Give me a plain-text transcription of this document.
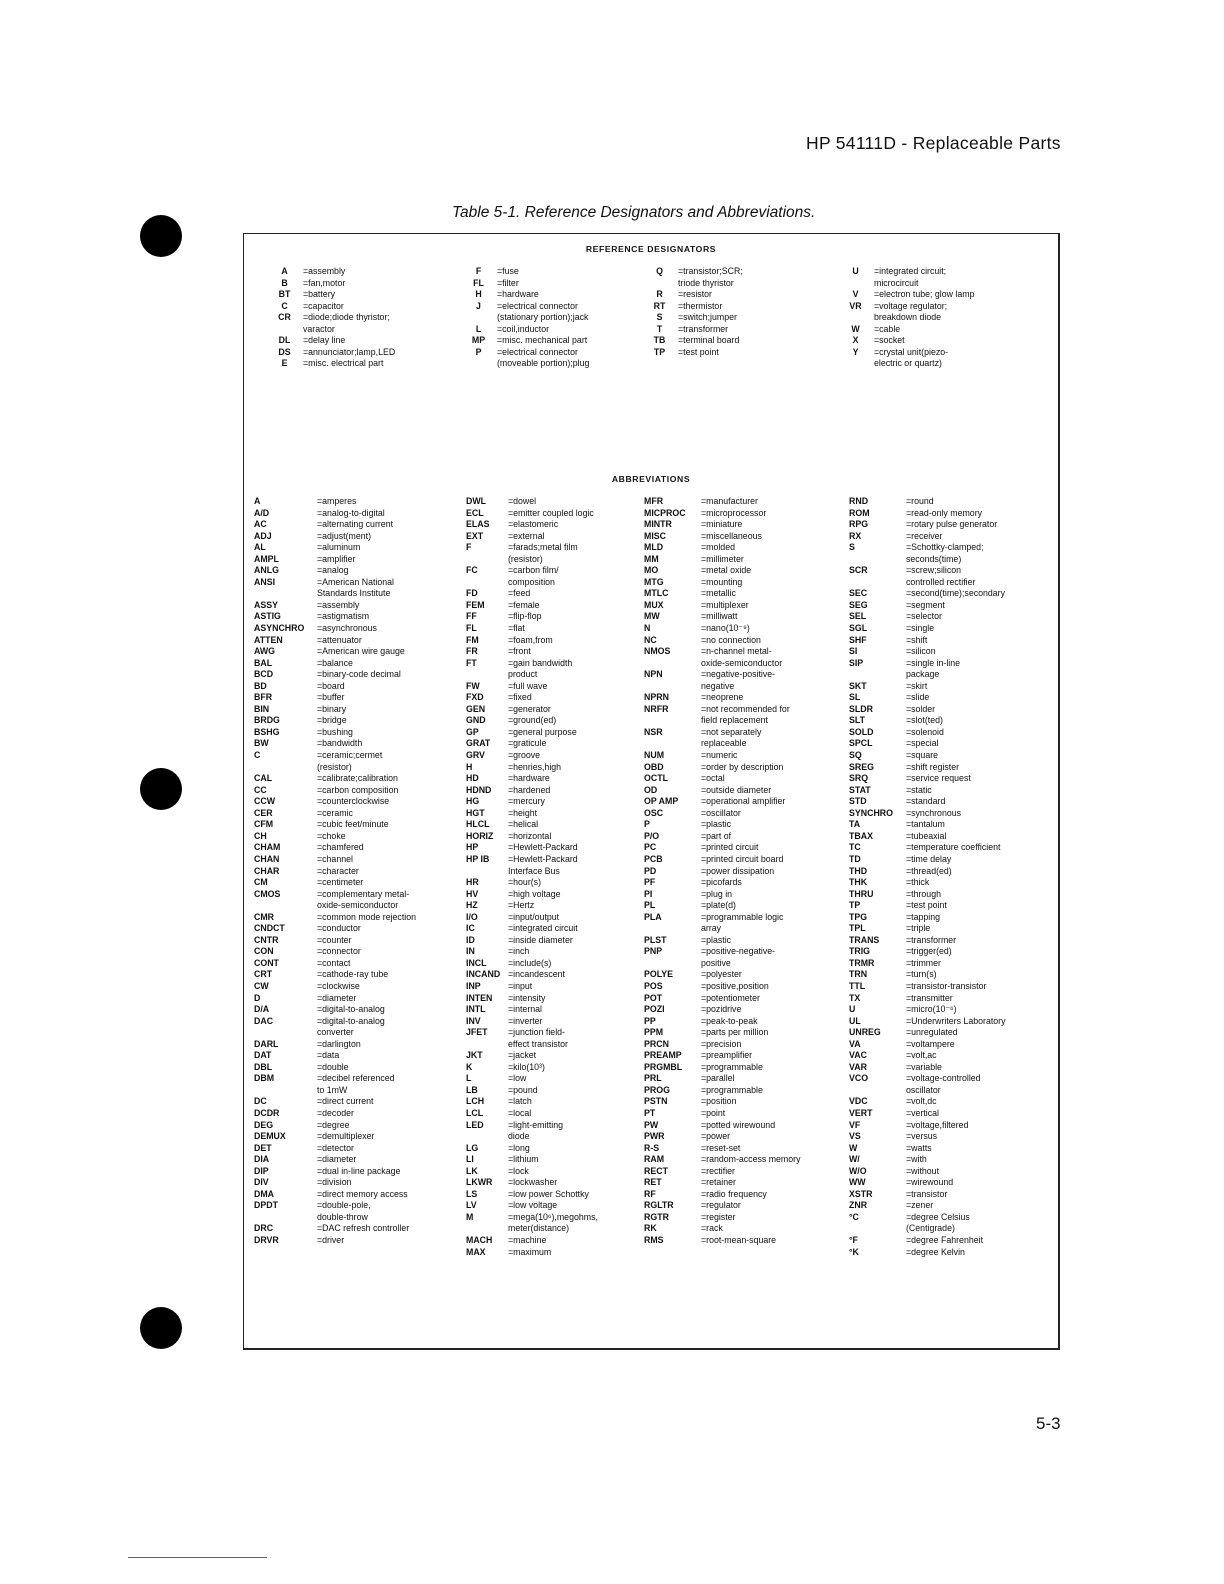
HP 54111D - Replaceable Parts
Table 5-1. Reference Designators and Abbreviations.
REFERENCE DESIGNATORS
A	=assembly
B	=fan,motor
BT	=battery
C	=capacitor
CR	=diode;diode thyristor;
varactor
DL	=delay line
DS	=annunciator;lamp,LED
E	=misc. electrical part
F	=fuse
FL	=filter
H	=hardware
J	=electrical connector
(stationary portion);jack
L	=coil,inductor
MP	=misc. mechanical part
P	=electrical connector
(moveable portion);plug
Q	=transistor;SCR;
triode thyristor
R	=resistor
RT	=thermistor
S	=switch;jumper
T	=transformer
TB	=terminal board
TP	=test point
U	=integrated circuit;
microcircuit
V	=electron tube; glow lamp
VR	=voltage regulator;
breakdown diode
W	=cable
X	=socket
Y	=crystal unit(piezo-
electric or quartz)
ABBREVIATIONS
A	=amperes
A/D	=analog-to-digital
AC	=alternating current
ADJ	=adjust(ment)
AL	=aluminum
AMPL	=amplifier
ANLG	=analog
ANSI	=American National
Standards Institute
ASSY	=assembly
ASTIG	=astigmatism
ASYNCHRO	=asynchronous
ATTEN	=attenuator
AWG	=American wire gauge
BAL	=balance
BCD	=binary-code decimal
BD	=board
BFR	=buffer
BIN	=binary
BRDG	=bridge
BSHG	=bushing
BW	=bandwidth
C	=ceramic;cermet
(resistor)
CAL	=calibrate;calibration
CC	=carbon composition
CCW	=counterclockwise
CER	=ceramic
CFM	=cubic feet/minute
CH	=choke
CHAM	=chamfered
CHAN	=channel
CHAR	=character
CM	=centimeter
CMOS	=complementary metal-
oxide-semiconductor
CMR	=common mode rejection
CNDCT	=conductor
CNTR	=counter
CON	=connector
CONT	=contact
CRT	=cathode-ray tube
CW	=clockwise
D	=diameter
D/A	=digital-to-analog
DAC	=digital-to-analog
converter
DARL	=darlington
DAT	=data
DBL	=double
DBM	=decibel referenced
to 1mW
DC	=direct current
DCDR	=decoder
DEG	=degree
DEMUX	=demultiplexer
DET	=detector
DIA	=diameter
DIP	=dual in-line package
DIV	=division
DMA	=direct memory access
DPDT	=double-pole,
double-throw
DRC	=DAC refresh controller
DRVR	=driver
DWL	=dowel
ECL	=emitter coupled logic
ELAS	=elastomeric
EXT	=external
F	=farads;metal film
(resistor)
FC	=carbon film/
composition
FD	=feed
FEM	=female
FF	=flip-flop
FL	=flat
FM	=foam,from
FR	=front
FT	=gain bandwidth
product
FW	=full wave
FXD	=fixed
GEN	=generator
GND	=ground(ed)
GP	=general purpose
GRAT	=graticule
GRV	=groove
H	=henries,high
HD	=hardware
HDND	=hardened
HG	=mercury
HGT	=height
HLCL	=helical
HORIZ	=horizontal
HP	=Hewlett-Packard
HP IB	=Hewlett-Packard
Interface Bus
HR	=hour(s)
HV	=high voltage
HZ	=Hertz
I/O	=input/output
IC	=integrated circuit
ID	=inside diameter
IN	=inch
INCL	=include(s)
INCAND =incandescent
INP	=input
INTEN	=intensity
INTL	=internal
INV	=inverter
JFET	=junction field-
effect transistor
JKT	=jacket
K	=kilo(10³)
L	=low
LB	=pound
LCH	=latch
LCL	=local
LED	=light-emitting
diode
LG	=long
LI	=lithium
LK	=lock
LKWR	=lockwasher
LS	=low power Schottky
LV	=low voltage
M	=mega(10⁶),megohms,
meter(distance)
MACH	=machine
MAX	=maximum
MFR	=manufacturer
MICPROC	=microprocessor
MINTR	=miniature
MISC	=miscellaneous
MLD	=molded
MM	=millimeter
MO	=metal oxide
MTG	=mounting
MTLC	=metallic
MUX	=multiplexer
MW	=milliwatt
N	=nano(10⁻⁹)
NC	=no connection
NMOS	=n-channel metal-
oxide-semiconductor
NPN	=negative-positive-
negative
NPRN	=neoprene
NRFR	=not recommended for
field replacement
NSR	=not separately
replaceable
NUM	=numeric
OBD	=order by description
OCTL	=octal
OD	=outside diameter
OP AMP	=operational amplifier
OSC	=oscillator
P	=plastic
P/O	=part of
PC	=printed circuit
PCB	=printed circuit board
PD	=power dissipation
PF	=picofards
PI	=plug in
PL	=plate(d)
PLA	=programmable logic
array
PLST	=plastic
PNP	=positive-negative-
positive
POLYE	=polyester
POS	=positive,position
POT	=potentiometer
POZI	=pozidrive
PP	=peak-to-peak
PPM	=parts per million
PRCN	=precision
PREAMP	=preamplifier
PRGMBL	=programmable
PRL	=parallel
PROG	=programmable
PSTN	=position
PT	=point
PW	=potted wirewound
PWR	=power
R-S	=reset-set
RAM	=random-access memory
RECT	=rectifier
RET	=retainer
RF	=radio frequency
RGLTR	=regulator
RGTR	=register
RK	=rack
RMS	=root-mean-square
RND	=round
ROM	=read-only memory
RPG	=rotary pulse generator
RX	=receiver
S	=Schottky-clamped;
seconds(time)
SCR	=screw;silicon
controlled rectifier
SEC	=second(time);secondary
SEG	=segment
SEL	=selector
SGL	=single
SHF	=shift
SI	=silicon
SIP	=single in-line
package
SKT	=skirt
SL	=slide
SLDR	=solder
SLT	=slot(ted)
SOLD	=solenoid
SPCL	=special
SQ	=square
SREG	=shift register
SRQ	=service request
STAT	=static
STD	=standard
SYNCHRO	=synchronous
TA	=tantalum
TBAX	=tubeaxial
TC	=temperature coefficient
TD	=time delay
THD	=thread(ed)
THK	=thick
THRU	=through
TP	=test point
TPG	=tapping
TPL	=triple
TRANS	=transformer
TRIG	=trigger(ed)
TRMR	=trimmer
TRN	=turn(s)
TTL	=transistor-transistor
TX	=transmitter
U	=micro(10⁻⁶)
UL	=Underwriters Laboratory
UNREG	=unregulated
VA	=voltampere
VAC	=volt,ac
VAR	=variable
VCO	=voltage-controlled
oscillator
VDC	=volt,dc
VERT	=vertical
VF	=voltage,filtered
VS	=versus
W	=watts
W/	=with
W/O	=without
WW	=wirewound
XSTR	=transistor
ZNR	=zener
°C	=degree Celsius
(Centigrade)
°F	=degree Fahrenheit
°K	=degree Kelvin
5-3
